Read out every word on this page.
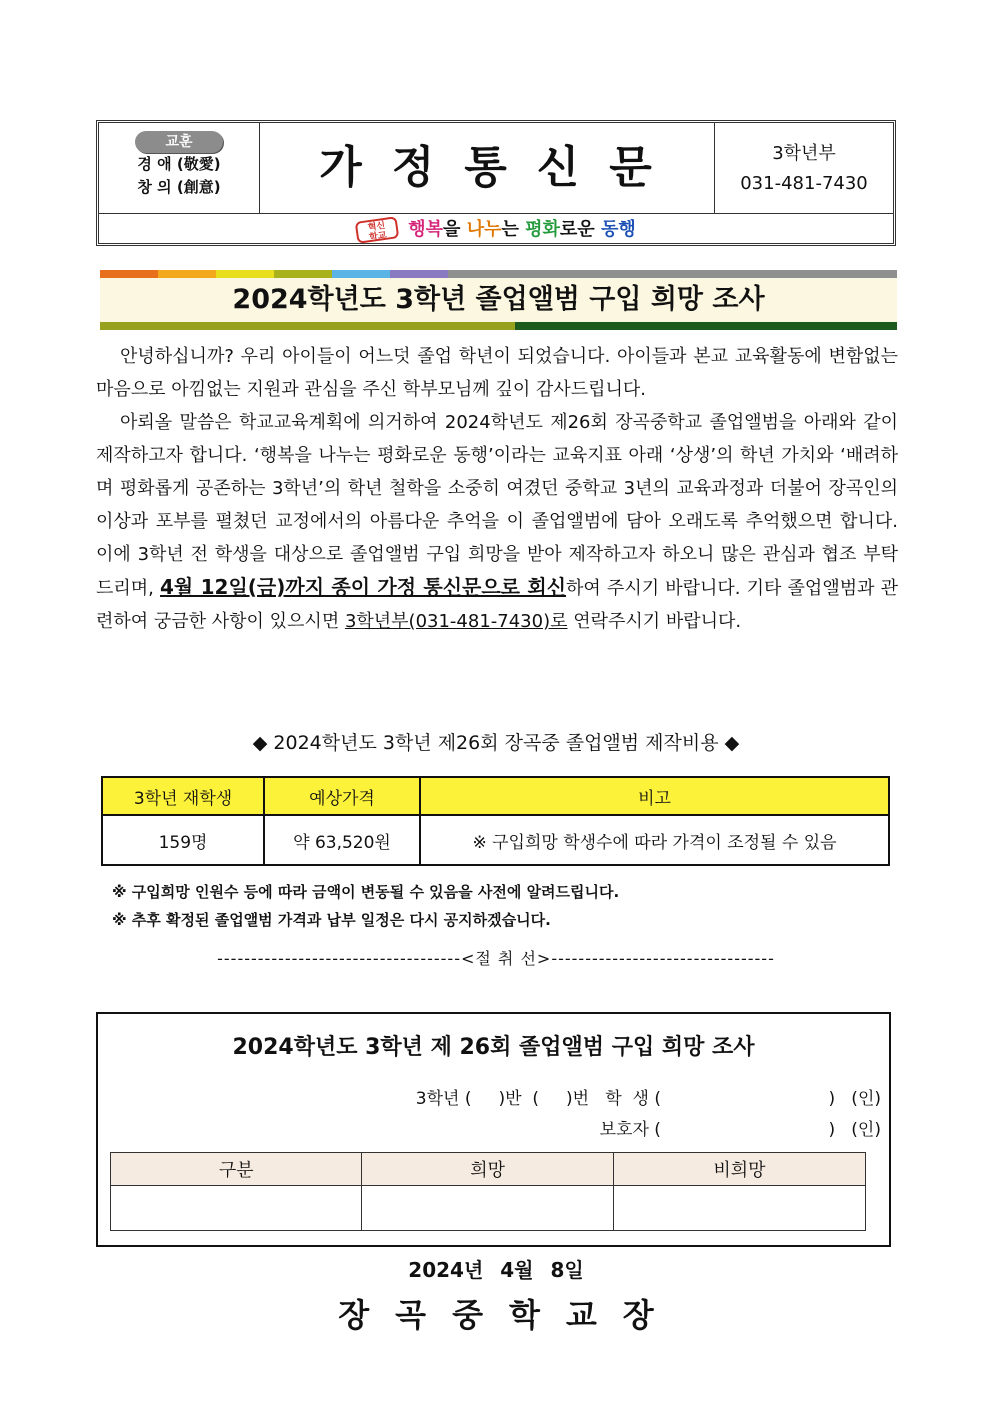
교훈
경 애 (敬愛)
창 의 (創意)	가정통신문	3학년부
031-481-7430
혁신
학교 행복을 나누는 평화로운 동행
2024학년도 3학년 졸업앨범 구입 희망 조사

안녕하십니까? 우리 아이들이 어느덧 졸업 학년이 되었습니다. 아이들과 본교 교육활동에 변함없는 마음으로 아낌없는 지원과 관심을 주신 학부모님께 깊이 감사드립니다.

아뢰올 말씀은 학교교육계획에 의거하여 2024학년도 제26회 장곡중학교 졸업앨범을 아래와 같이 제작하고자 합니다. ‘행복을 나누는 평화로운 동행’이라는 교육지표 아래 ‘상생’의 학년 가치와 ‘배려하며 평화롭게 공존하는 3학년’의 학년 철학을 소중히 여겼던 중학교 3년의 교육과정과 더불어 장곡인의 이상과 포부를 펼쳤던 교정에서의 아름다운 추억을 이 졸업앨범에 담아 오래도록 추억했으면 합니다. 이에 3학년 전 학생을 대상으로 졸업앨범 구입 희망을 받아 제작하고자 하오니 많은 관심과 협조 부탁드리며, 4월 12일(금)까지 종이 가정 통신문으로 회신하여 주시기 바랍니다. 기타 졸업앨범과 관련하여 궁금한 사항이 있으시면 3학년부(031-481-7430)로 연락주시기 바랍니다.

◆ 2024학년도 3학년 제26회 장곡중 졸업앨범 제작비용 ◆
3학년 재학생	예상가격	비고
159명	약 63,520원	※ 구입희망 학생수에 따라 가격이 조정될 수 있음
※ 구입희망 인원수 등에 따라 금액이 변동될 수 있음을 사전에 알려드립니다.
※ 추후 확정된 졸업앨범 가격과 납부 일정은 다시 공지하겠습니다.
------------------------------------<절 취 선>---------------------------------
2024학년도 3학년 제 26회 졸업앨범 구입 희망 조사
3학년 (     )반  (     )번   학  생 (                               )   (인)
보호자 (                               )   (인)
구분	희망	비희망

2024년 4월 8일
장곡중학교장
